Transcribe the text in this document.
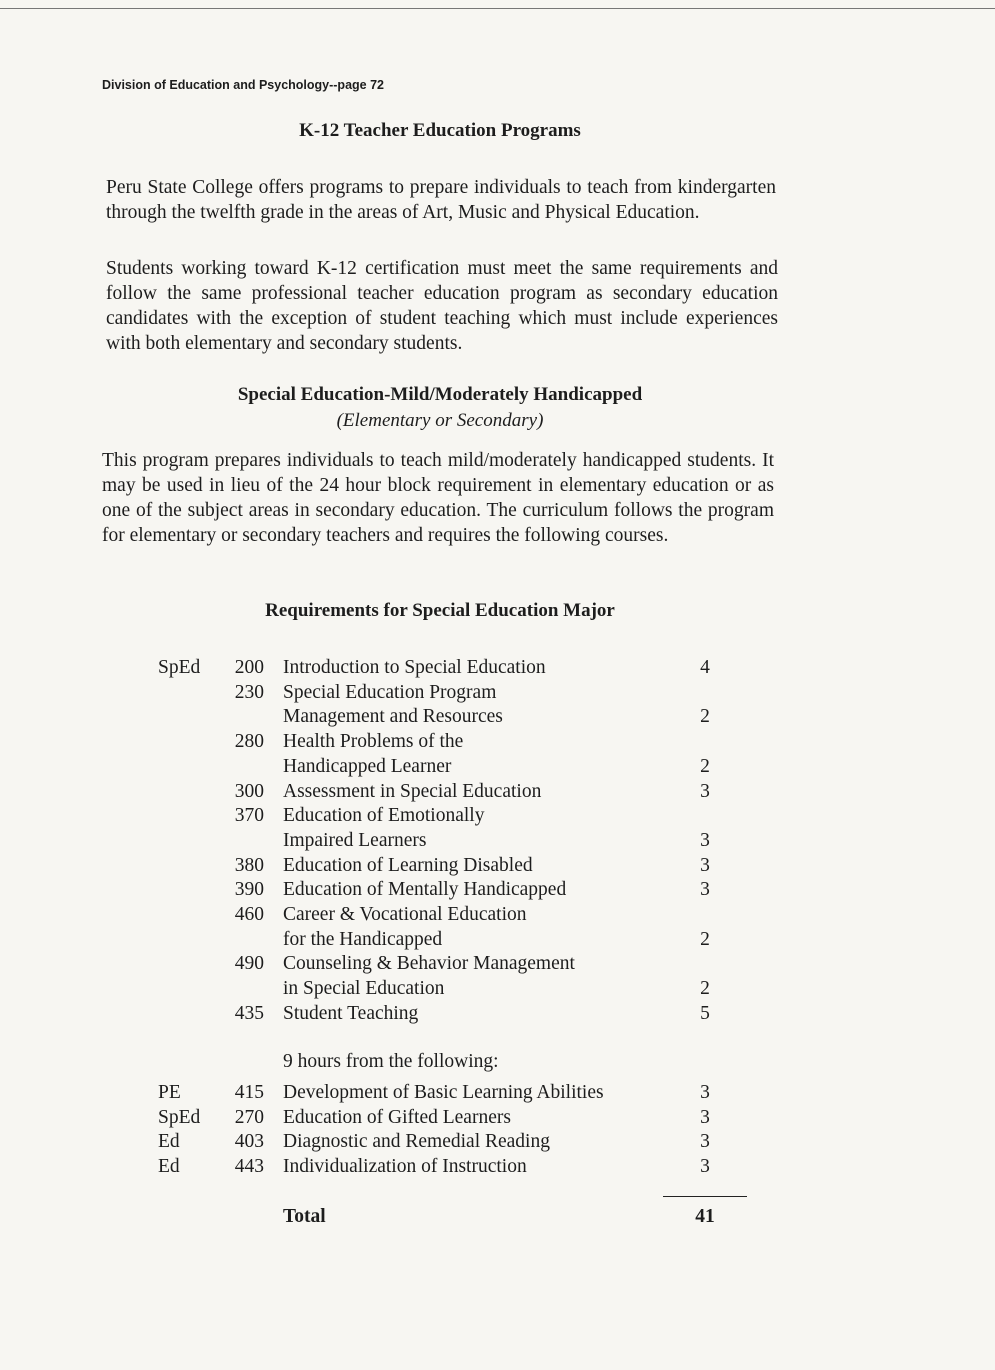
Division of Education and Psychology--page 72
K-12 Teacher Education Programs
Peru State College offers programs to prepare individuals to teach from kindergarten through the twelfth grade in the areas of Art, Music and Physical Education.
Students working toward K-12 certification must meet the same requirements and follow the same professional teacher education program as secondary education candidates with the exception of student teaching which must include experiences with both elementary and secondary students.
Special Education-Mild/Moderately Handicapped
(Elementary or Secondary)
This program prepares individuals to teach mild/moderately handicapped students. It may be used in lieu of the 24 hour block requirement in elementary education or as one of the subject areas in secondary education. The curriculum follows the program for elementary or secondary teachers and requires the following courses.
Requirements for Special Education Major
SpEd	200 Introduction to Special Education	4
230 Special Education Program
Management and Resources	2
280 Health Problems of the
Handicapped Learner	2
300 Assessment in Special Education	3
370 Education of Emotionally
Impaired Learners	3
380 Education of Learning Disabled	3
390 Education of Mentally Handicapped	3
460 Career & Vocational Education
for the Handicapped	2
490 Counseling & Behavior Management
in Special Education	2
435 Student Teaching	5
9 hours from the following:
PE	415 Development of Basic Learning Abilities	3
SpEd	270 Education of Gifted Learners	3
Ed	403 Diagnostic and Remedial Reading	3
Ed	443 Individualization of Instruction	3
Total	41
